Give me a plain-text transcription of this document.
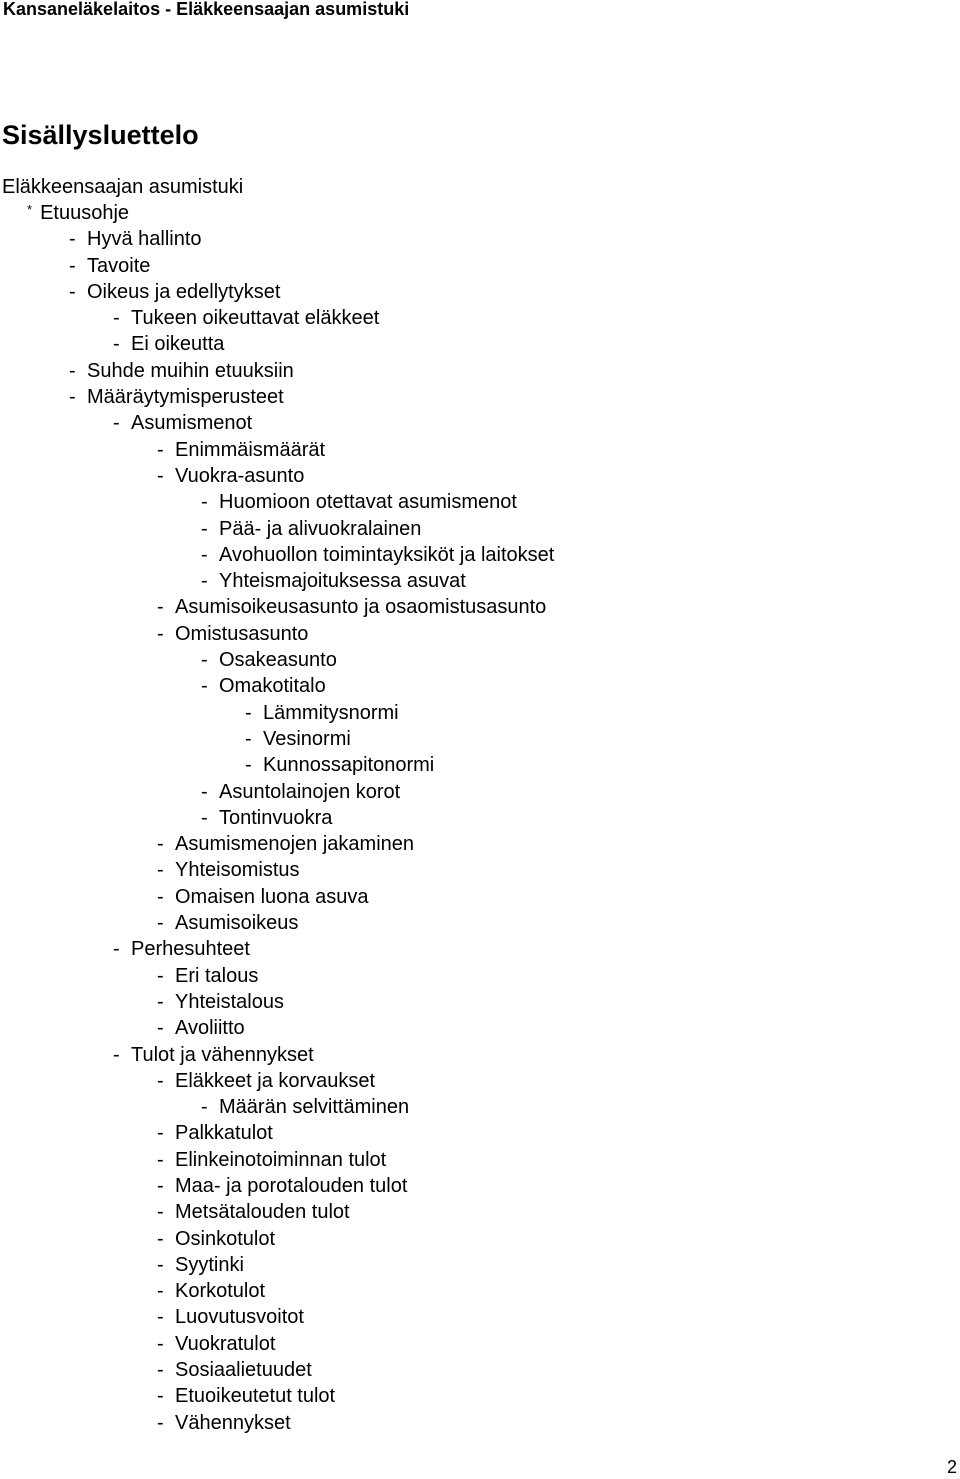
Kansaneläkelaitos - Eläkkeensaajan asumistuki
Sisällysluettelo
Eläkkeensaajan asumistuki
* Etuusohje
- Hyvä hallinto
- Tavoite
- Oikeus ja edellytykset
- Tukeen oikeuttavat eläkkeet
- Ei oikeutta
- Suhde muihin etuuksiin
- Määräytymisperusteet
- Asumismenot
- Enimmäismäärät
- Vuokra-asunto
- Huomioon otettavat asumismenot
- Pää- ja alivuokralainen
- Avohuollon toimintayksiköt ja laitokset
- Yhteismajoituksessa asuvat
- Asumisoikeusasunto ja osaomistusasunto
- Omistusasunto
- Osakeasunto
- Omakotitalo
- Lämmitysnormi
- Vesinormi
- Kunnossapitonormi
- Asuntolainojen korot
- Tontinvuokra
- Asumismenojen jakaminen
- Yhteisomistus
- Omaisen luona asuva
- Asumisoikeus
- Perhesuhteet
- Eri talous
- Yhteistalous
- Avoliitto
- Tulot ja vähennykset
- Eläkkeet ja korvaukset
- Määrän selvittäminen
- Palkkatulot
- Elinkeinotoiminnan tulot
- Maa- ja porotalouden tulot
- Metsätalouden tulot
- Osinkotulot
- Syytinki
- Korkotulot
- Luovutusvoitot
- Vuokratulot
- Sosiaalietuudet
- Etuoikeutetut tulot
- Vähennykset
2
